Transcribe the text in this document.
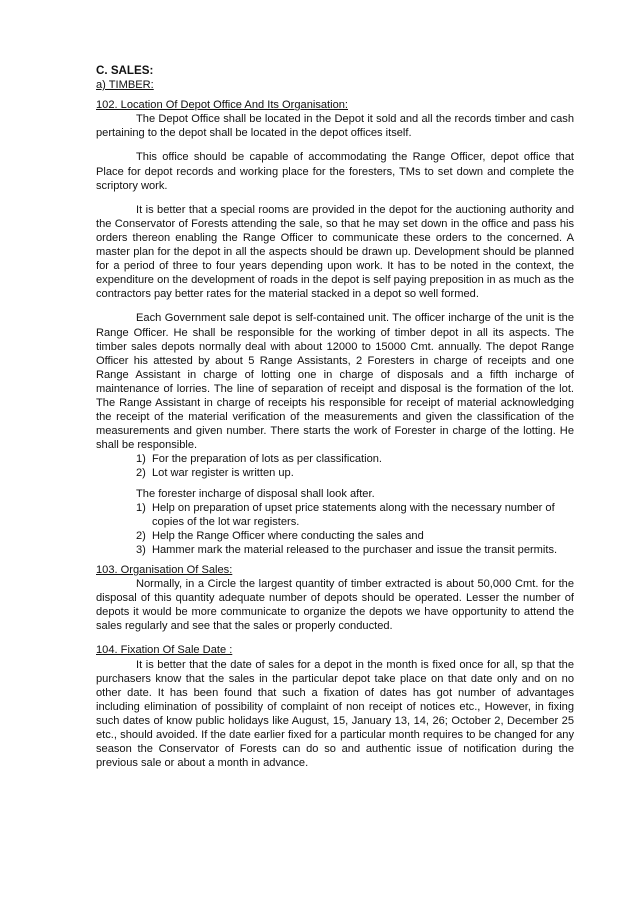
C. SALES:
a) TIMBER:
102. Location Of Depot Office And Its Organisation:

The Depot Office shall be located in the Depot it sold and all the records timber and cash pertaining to the depot shall be located in the depot offices itself.

This office should be capable of accommodating the Range Officer, depot office that Place for depot records and working place for the foresters, TMs to set down and complete the scriptory work.

It is better that a special rooms are provided in the depot for the auctioning authority and the Conservator of Forests attending the sale, so that he may set down in the office and pass his orders thereon enabling the Range Officer to communicate these orders to the concerned. A master plan for the depot in all the aspects should be drawn up. Development should be planned for a period of three to four years depending upon work. It has to be noted in the context, the expenditure on the development of roads in the depot is self paying preposition in as much as the contractors pay better rates for the material stacked in a depot so well formed.

Each Government sale depot is self-contained unit. The officer incharge of the unit is the Range Officer. He shall be responsible for the working of timber depot in all its aspects. The timber sales depots normally deal with about 12000 to 15000 Cmt. annually. The depot Range Officer his attested by about 5 Range Assistants, 2 Foresters in charge of receipts and one Range Assistant in charge of lotting one in charge of disposals and a fifth incharge of maintenance of lorries. The line of separation of receipt and disposal is the formation of the lot. The Range Assistant in charge of receipts his responsible for receipt of material acknowledging the receipt of the material verification of the measurements and given the classification of the measurements and given number. There starts the work of Forester in charge of the lotting. He shall be responsible.

1) For the preparation of lots as per classification.
2) Lot war register is written up.
The forester incharge of disposal shall look after.
1) Help on preparation of upset price statements along with the necessary number of copies of the lot war registers.
2) Help the Range Officer where conducting the sales and
3) Hammer mark the material released to the purchaser and issue the transit permits.
103. Organisation Of Sales:

Normally, in a Circle the largest quantity of timber extracted is about 50,000 Cmt. for the disposal of this quantity adequate number of depots should be operated. Lesser the number of depots it would be more communicate to organize the depots we have opportunity to attend the sales regularly and see that the sales or properly conducted.

104. Fixation Of Sale Date :

It is better that the date of sales for a depot in the month is fixed once for all, sp that the purchasers know that the sales in the particular depot take place on that date only and on no other date. It has been found that such a fixation of dates has got number of advantages including elimination of possibility of complaint of non receipt of notices etc., However, in fixing such dates of know public holidays like August, 15, January 13, 14, 26; October 2, December 25 etc., should avoided. If the date earlier fixed for a particular month requires to be changed for any season the Conservator of Forests can do so and authentic issue of notification during the previous sale or about a month in advance.
